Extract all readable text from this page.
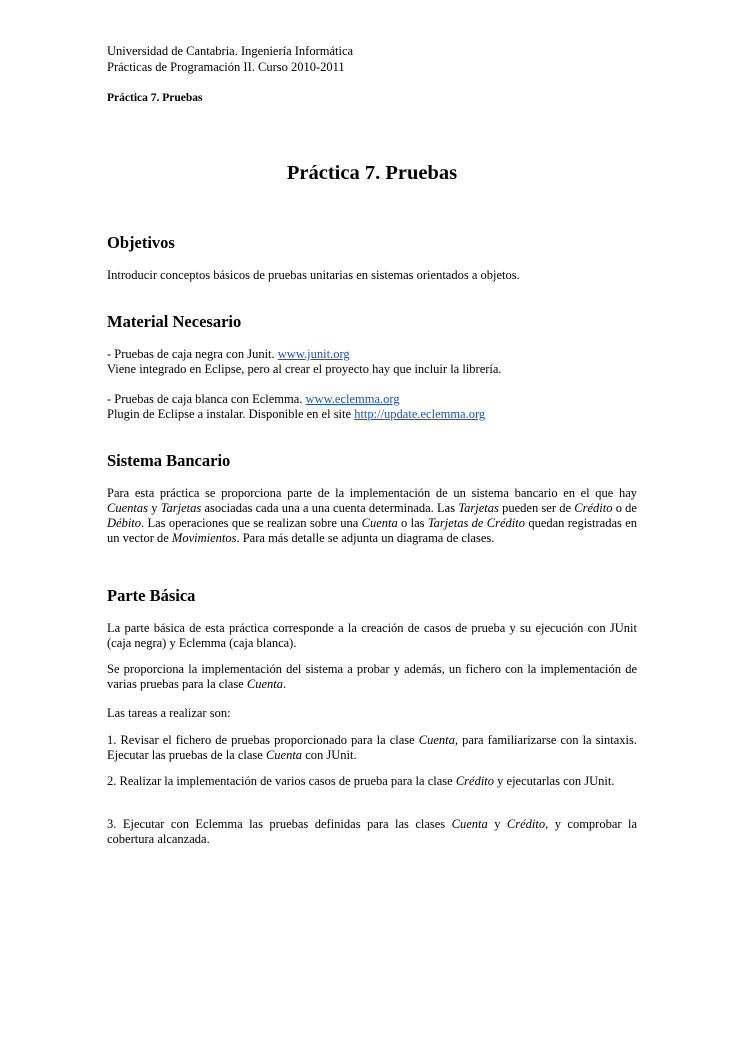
Universidad de Cantabria. Ingeniería Informática
Prácticas de Programación II. Curso 2010-2011
Práctica 7. Pruebas
Práctica 7. Pruebas
Objetivos

Introducir conceptos básicos de pruebas unitarias en sistemas orientados a objetos.

Material Necesario

- Pruebas de caja negra con Junit. www.junit.org

Viene integrado en Eclipse, pero al crear el proyecto hay que incluir la librería.

- Pruebas de caja blanca con Eclemma. www.eclemma.org

Plugin de Eclipse a instalar. Disponible en el site http://update.eclemma.org

Sistema Bancario

Para esta práctica se proporciona parte de la implementación de un sistema bancario en el que hay Cuentas y Tarjetas asociadas cada una a una cuenta determinada. Las Tarjetas pueden ser de Crédito o de Débito. Las operaciones que se realizan sobre una Cuenta o las Tarjetas de Crédito quedan registradas en un vector de Movimientos. Para más detalle se adjunta un diagrama de clases.

Parte Básica

La parte básica de esta práctica corresponde a la creación de casos de prueba y su ejecución con JUnit (caja negra) y Eclemma (caja blanca).

Se proporciona la implementación del sistema a probar y además, un fichero con la implementación de varias pruebas para la clase Cuenta.

Las tareas a realizar son:

1. Revisar el fichero de pruebas proporcionado para la clase Cuenta, para familiarizarse con la sintaxis. Ejecutar las pruebas de la clase Cuenta con JUnit.

2. Realizar la implementación de varios casos de prueba para la clase Crédito y ejecutarlas con JUnit.

3. Ejecutar con Eclemma las pruebas definidas para las clases Cuenta y Crédito, y comprobar la cobertura alcanzada.
